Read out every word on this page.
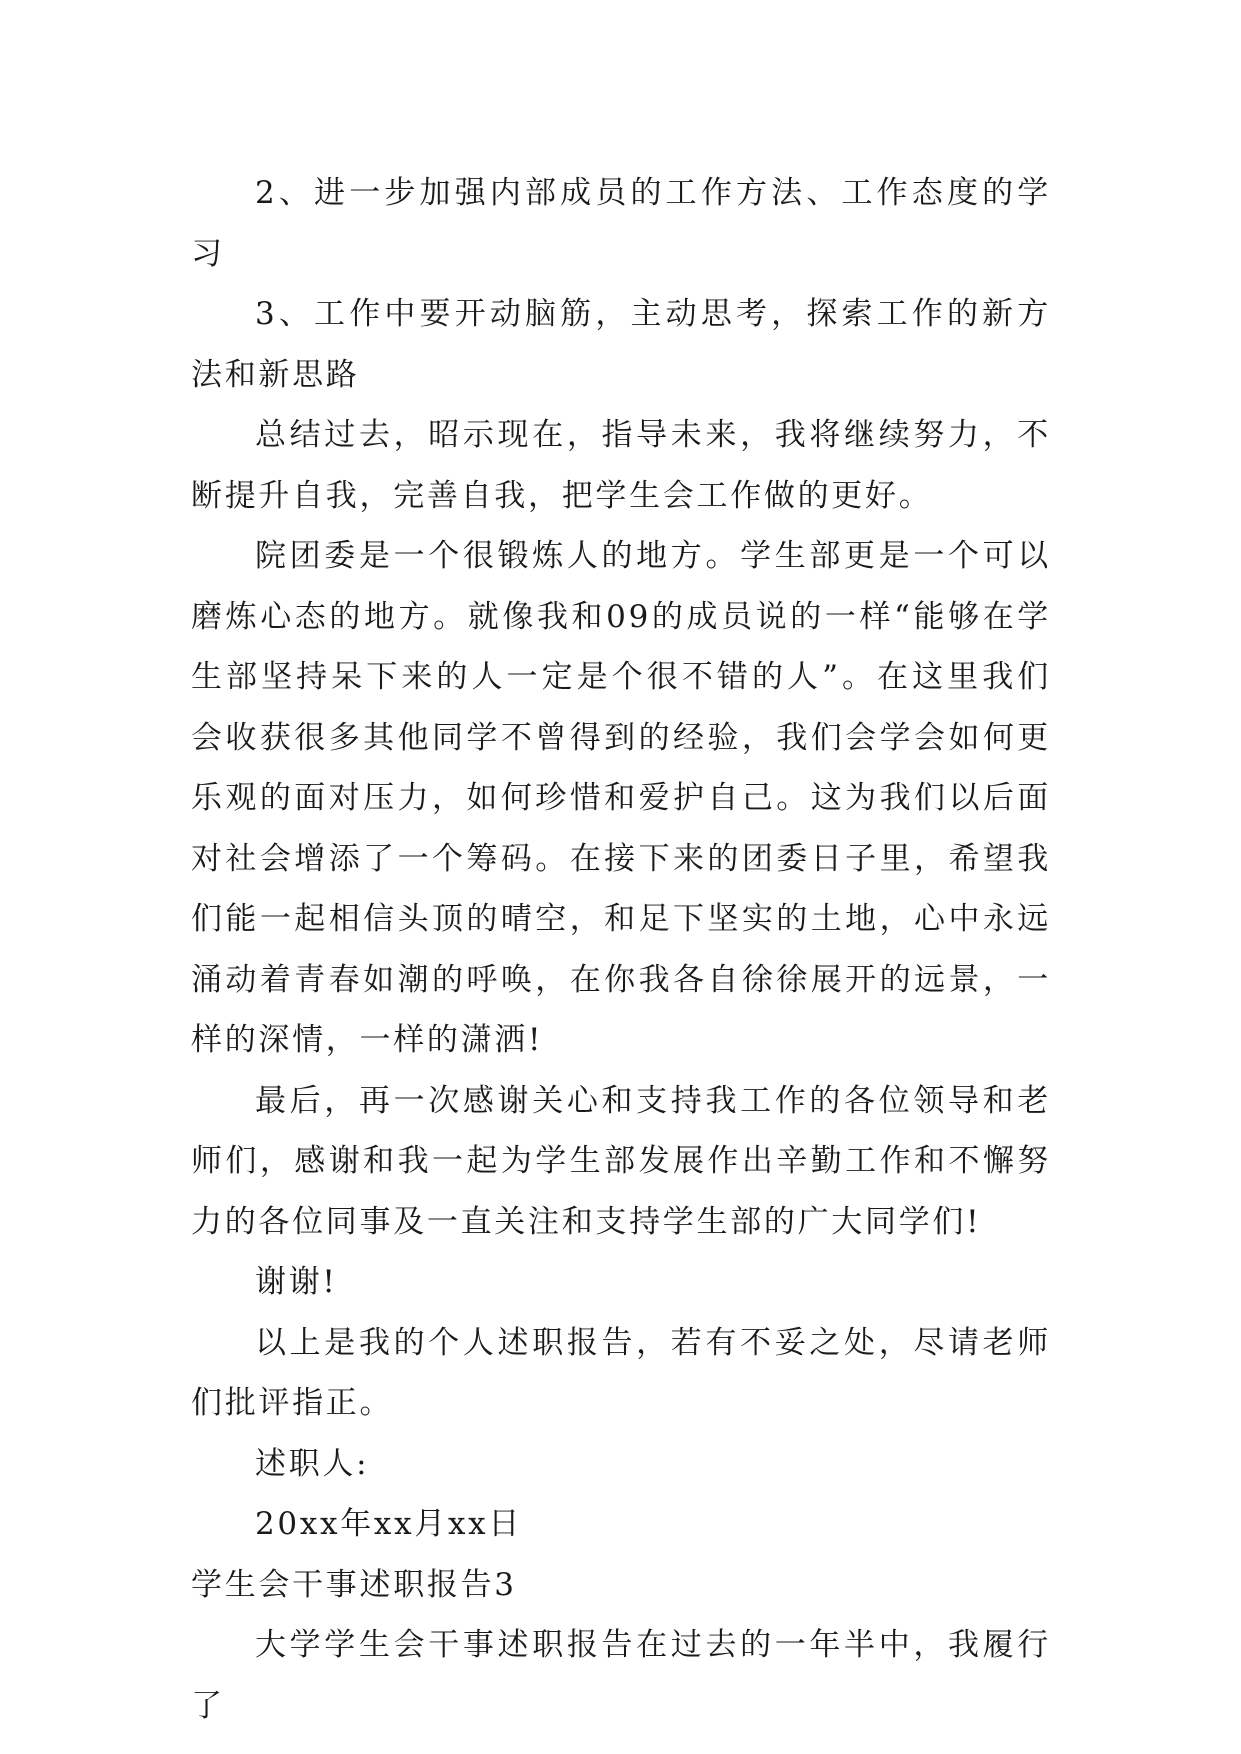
2、进一步加强内部成员的工作方法、工作态度的学习

3、工作中要开动脑筋，主动思考，探索工作的新方法和新思路

总结过去，昭示现在，指导未来，我将继续努力，不断提升自我，完善自我，把学生会工作做的更好。

院团委是一个很锻炼人的地方。学生部更是一个可以磨炼心态的地方。就像我和09的成员说的一样“能够在学生部坚持呆下来的人一定是个很不错的人”。在这里我们会收获很多其他同学不曾得到的经验，我们会学会如何更乐观的面对压力，如何珍惜和爱护自己。这为我们以后面对社会增添了一个筹码。在接下来的团委日子里，希望我们能一起相信头顶的晴空，和足下坚实的土地，心中永远涌动着青春如潮的呼唤，在你我各自徐徐展开的远景，一样的深情，一样的潇洒!

最后，再一次感谢关心和支持我工作的各位领导和老师们，感谢和我一起为学生部发展作出辛勤工作和不懈努力的各位同事及一直关注和支持学生部的广大同学们!

谢谢!

以上是我的个人述职报告，若有不妥之处，尽请老师们批评指正。

述职人:

20xx年xx月xx日

学生会干事述职报告3

大学学生会干事述职报告在过去的一年半中，我履行了
